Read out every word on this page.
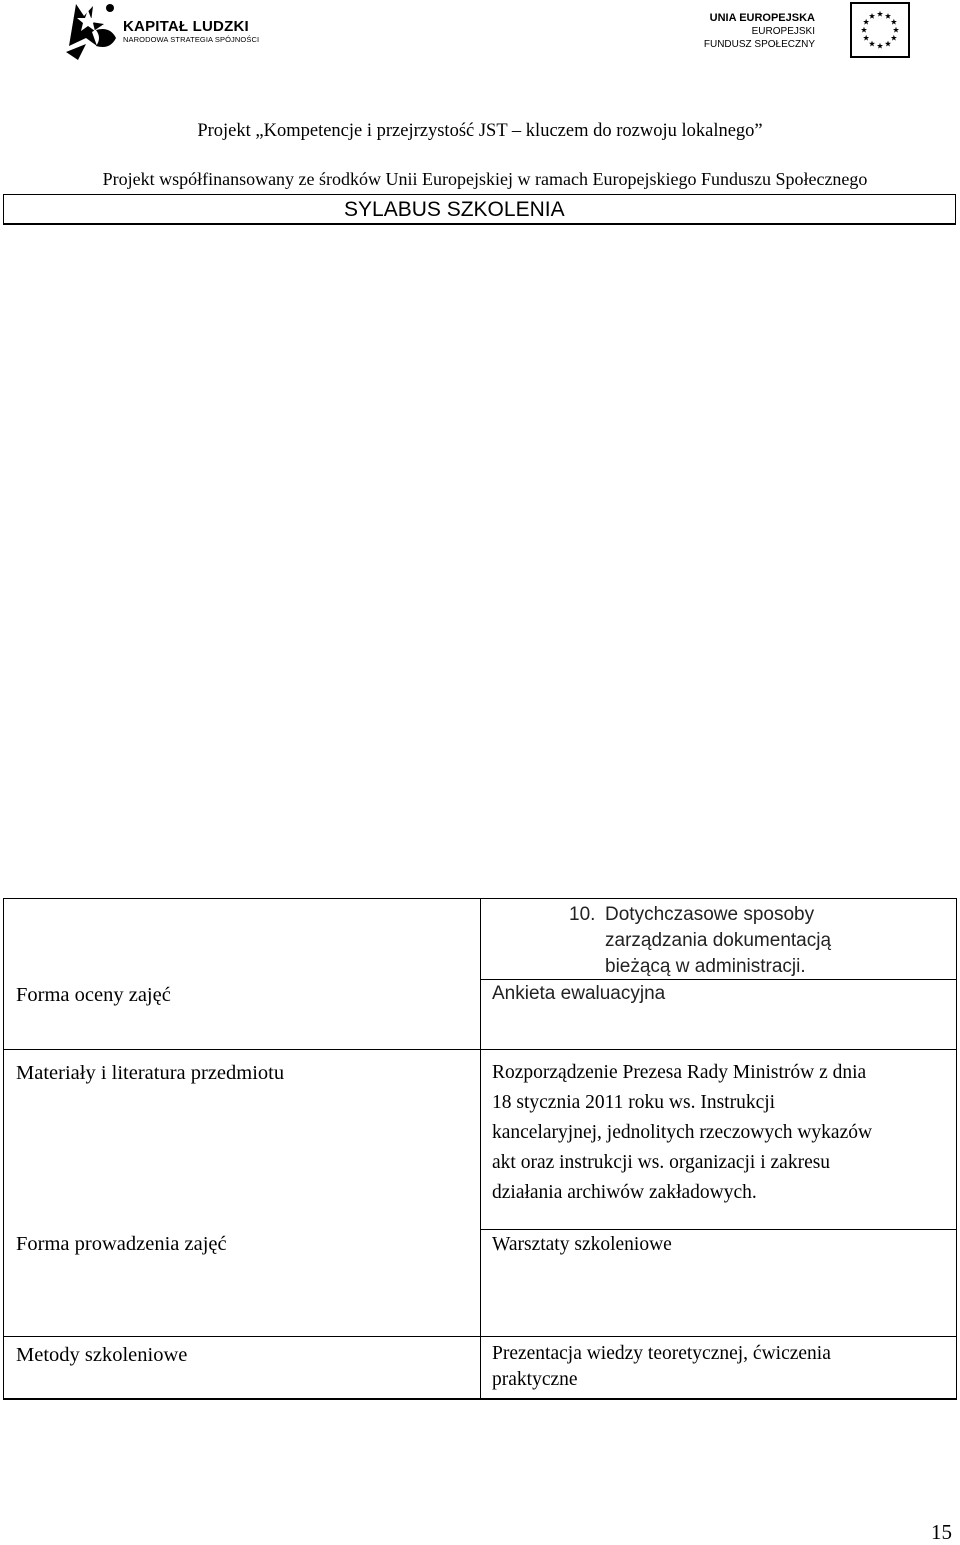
KAPITAŁ LUDZKI
NARODOWA STRATEGIA SPÓJNOŚCI
UNIA EUROPEJSKA
EUROPEJSKI
FUNDUSZ SPOŁECZNY
Projekt „Kompetencje i przejrzystość JST – kluczem do rozwoju lokalnego”
Projekt współfinansowany ze środków Unii Europejskiej w ramach Europejskiego Funduszu Społecznego
SYLABUS SZKOLENIA
10. Dotychczasowe sposoby
zarządzania dokumentacją
bieżącą w administracji.
Forma oceny zajęć	Ankieta ewaluacyjna
Materiały i literatura przedmiotu	Rozporządzenie Prezesa Rady Ministrów z dnia
18 stycznia 2011 roku ws. Instrukcji
kancelaryjnej, jednolitych rzeczowych wykazów
akt oraz instrukcji ws. organizacji i zakresu
działania archiwów zakładowych.
Forma prowadzenia zajęć	Warsztaty szkoleniowe
Metody szkoleniowe	Prezentacja wiedzy teoretycznej, ćwiczenia
praktyczne
15
